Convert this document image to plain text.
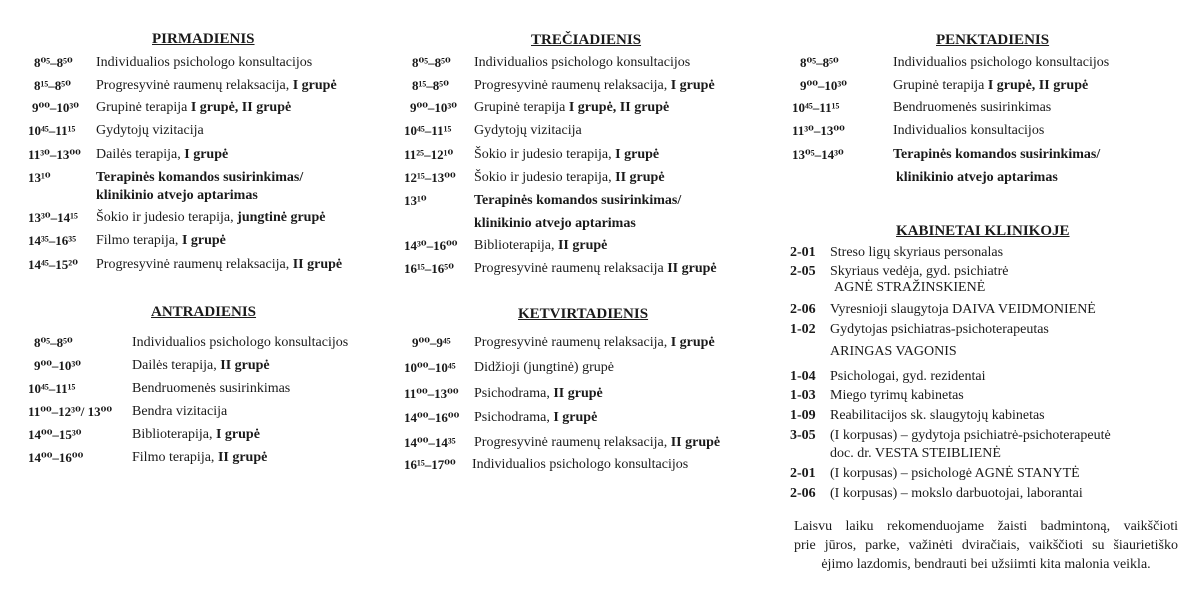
PIRMADIENIS
8⁰⁵–8⁵⁰ Individualios psichologo konsultacijos
8¹⁵–8⁵⁰ Progresyvinė raumenų relaksacija, I grupė
9⁰⁰–10³⁰ Grupinė terapija I grupė, II grupė
10⁴⁵–11¹⁵ Gydytojų vizitacija
11³⁰–13⁰⁰ Dailės terapija, I grupė
13¹⁰	Terapinės komandos susirinkimas/
klinikinio atvejo aptarimas
13³⁰–14¹⁵ Šokio ir judesio terapija, jungtinė grupė
14³⁵–16³⁵ Filmo terapija, I grupė
14⁴⁵–15²⁰ Progresyvinė raumenų relaksacija, II grupė
ANTRADIENIS
8⁰⁵–8⁵⁰	Individualios psichologo konsultacijos
9⁰⁰–10³⁰	Dailės terapija, II grupė
10⁴⁵–11¹⁵	Bendruomenės susirinkimas
11⁰⁰–12³⁰/ 13⁰⁰ Bendra vizitacija
14⁰⁰–15³⁰	Biblioterapija, I grupė
14⁰⁰–16⁰⁰	Filmo terapija, II grupė
TREČIADIENIS
8⁰⁵–8⁵⁰ Individualios psichologo konsultacijos
8¹⁵–8⁵⁰ Progresyvinė raumenų relaksacija, I grupė
9⁰⁰–10³⁰ Grupinė terapija I grupė, II grupė
10⁴⁵–11¹⁵ Gydytojų vizitacija
11²⁵–12¹⁰ Šokio ir judesio terapija, I grupė
12¹⁵–13⁰⁰ Šokio ir judesio terapija, II grupė
13¹⁰	Terapinės komandos susirinkimas/
klinikinio atvejo aptarimas
14³⁰–16⁰⁰ Biblioterapija, II grupė
16¹⁵–16⁵⁰ Progresyvinė raumenų relaksacija II grupė
KETVIRTADIENIS
9⁰⁰–9⁴⁵ Progresyvinė raumenų relaksacija, I grupė
10⁰⁰–10⁴⁵ Didžioji (jungtinė) grupė
11⁰⁰–13⁰⁰ Psichodrama, II grupė
14⁰⁰–16⁰⁰ Psichodrama, I grupė
14⁰⁰–14³⁵ Progresyvinė raumenų relaksacija, II grupė
16¹⁵–17⁰⁰ Individualios psichologo konsultacijos
PENKTADIENIS
8⁰⁵–8⁵⁰	Individualios psichologo konsultacijos
9⁰⁰–10³⁰	Grupinė terapija I grupė, II grupė
10⁴⁵–11¹⁵	Bendruomenės susirinkimas
11³⁰–13⁰⁰	Individualios konsultacijos
13⁰⁵–14³⁰	Terapinės komandos susirinkimas/
klinikinio atvejo aptarimas
KABINETAI KLINIKOJE
2-01 Streso ligų skyriaus personalas
2-05 Skyriaus vedėja, gyd. psichiatrė
AGNĖ STRAŽINSKIENĖ
2-06 Vyresnioji slaugytoja DAIVA VEIDMONIENĖ
1-02 Gydytojas psichiatras-psichoterapeutas
ARINGAS VAGONIS
1-04 Psichologai, gyd. rezidentai
1-03 Miego tyrimų kabinetas
1-09 Reabilitacijos sk. slaugytojų kabinetas
3-05 (I korpusas) – gydytoja psichiatrė-psichoterapeutė
doc. dr. VESTA STEIBLIENĖ
2-01 (I korpusas) – psichologė AGNĖ STANYTĖ
2-06 (I korpusas) – mokslo darbuotojai, laborantai
Laisvu laiku rekomenduojame žaisti badmintoną, vaikščioti
prie jūros, parke, važinėti dviračiais, vaikščioti su šiaurietiško
ėjimo lazdomis, bendrauti bei užsiimti kita malonia veikla.
